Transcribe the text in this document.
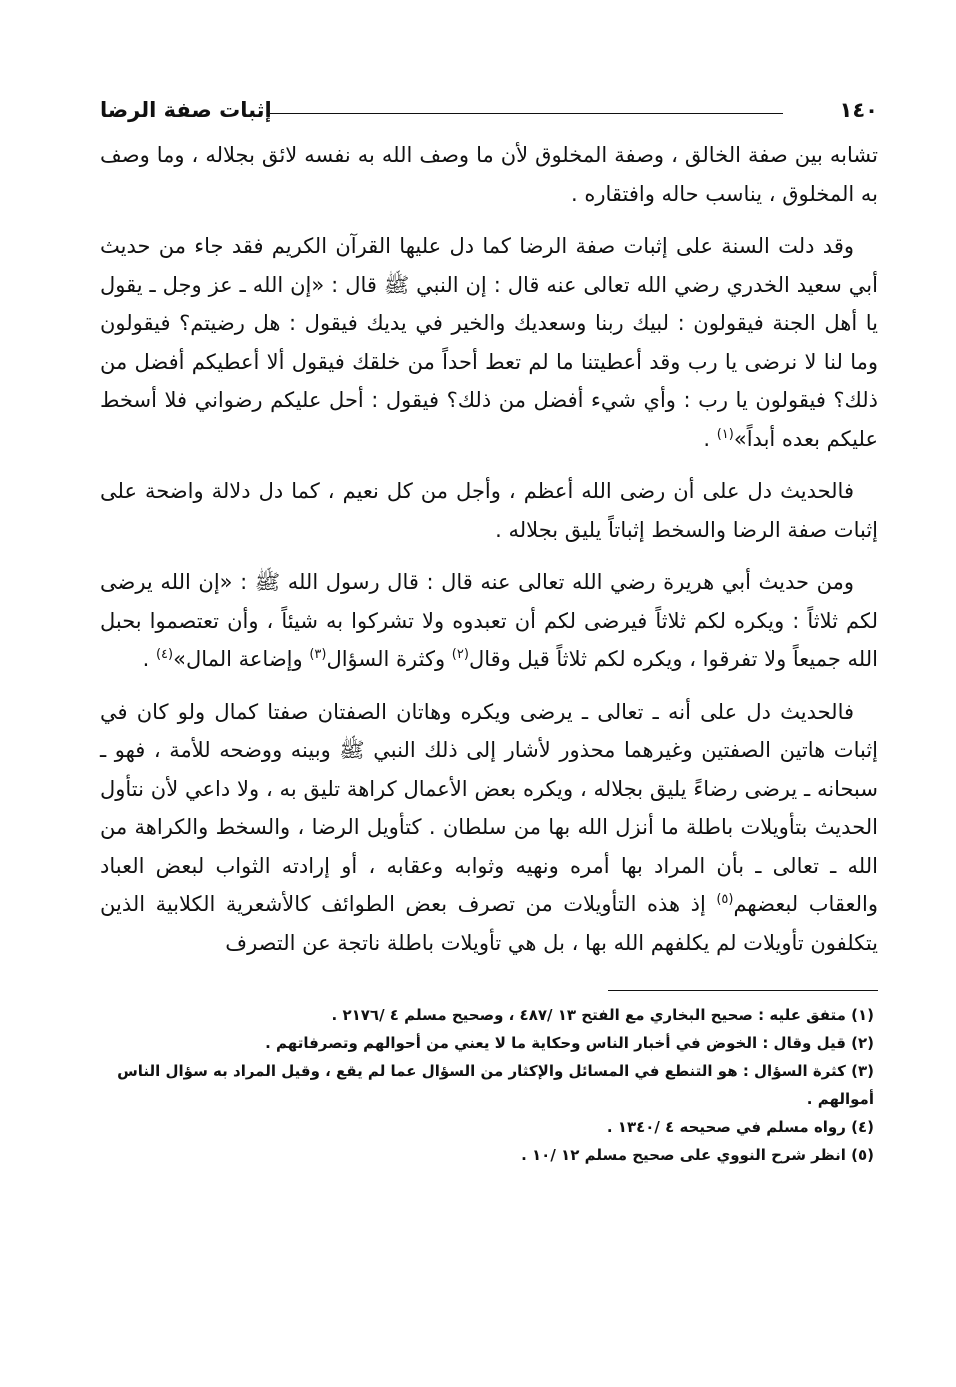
١٤٠
إثبات صفة الرضا

تشابه بين صفة الخالق ، وصفة المخلوق لأن ما وصف الله به نفسه لائق بجلاله ، وما وصف به المخلوق ، يناسب حاله وافتقاره .

وقد دلت السنة على إثبات صفة الرضا كما دل عليها القرآن الكريم فقد جاء من حديث أبي سعيد الخدري رضي الله تعالى عنه قال : إن النبي ﷺ قال : «إن الله ـ عز وجل ـ يقول يا أهل الجنة فيقولون : لبيك ربنا وسعديك والخير في يديك فيقول : هل رضيتم؟ فيقولون وما لنا لا نرضى يا رب وقد أعطيتنا ما لم تعط أحداً من خلقك فيقول ألا أعطيكم أفضل من ذلك؟ فيقولون يا رب : وأي شيء أفضل من ذلك؟ فيقول : أحل عليكم رضواني فلا أسخط عليكم بعده أبداً»$^{(١)}$ .

فالحديث دل على أن رضى الله أعظم ، وأجل من كل نعيم ، كما دل دلالة واضحة على إثبات صفة الرضا والسخط إثباتاً يليق بجلاله .

ومن حديث أبي هريرة رضي الله تعالى عنه قال : قال رسول الله ﷺ : «إن الله يرضى لكم ثلاثاً : ويكره لكم ثلاثاً فيرضى لكم أن تعبدوه ولا تشركوا به شيئاً ، وأن تعتصموا بحبل الله جميعاً ولا تفرقوا ، ويكره لكم ثلاثاً قيل وقال$^{(٢)}$ وكثرة السؤال$^{(٣)}$ وإضاعة المال»$^{(٤)}$ .

فالحديث دل على أنه ـ تعالى ـ يرضى ويكره وهاتان الصفتان صفتا كمال ولو كان في إثبات هاتين الصفتين وغيرهما محذور لأشار إلى ذلك النبي ﷺ وبينه ووضحه للأمة ، فهو ـ سبحانه ـ يرضى رضاءً يليق بجلاله ، ويكره بعض الأعمال كراهة تليق به ، ولا داعي لأن نتأول الحديث بتأويلات باطلة ما أنزل الله بها من سلطان . كتأويل الرضا ، والسخط والكراهة من الله ـ تعالى ـ بأن المراد بها أمره ونهيه وثوابه وعقابه ، أو إرادته الثواب لبعض العباد والعقاب لبعضهم$^{(٥)}$ إذ هذه التأويلات من تصرف بعض الطوائف كالأشعرية الكلابية الذين يتكلفون تأويلات لم يكلفهم الله بها ، بل هي تأويلات باطلة ناتجة عن التصرف

(١) متفق عليه : صحيح البخاري مع الفتح ١٣ /٤٨٧ ، وصحيح مسلم ٤ /٢١٧٦ .

(٢) قيل وقال : الخوض في أخبار الناس وحكاية ما لا يعني من أحوالهم وتصرفاتهم .

(٣) كثرة السؤال : هو التنطع في المسائل والإكثار من السؤال عما لم يقع ، وقيل المراد به سؤال الناس أموالهم .

(٤) رواه مسلم في صحيحه ٤ /١٣٤٠ .

(٥) انظر شرح النووي على صحيح مسلم ١٢ /١٠ .
